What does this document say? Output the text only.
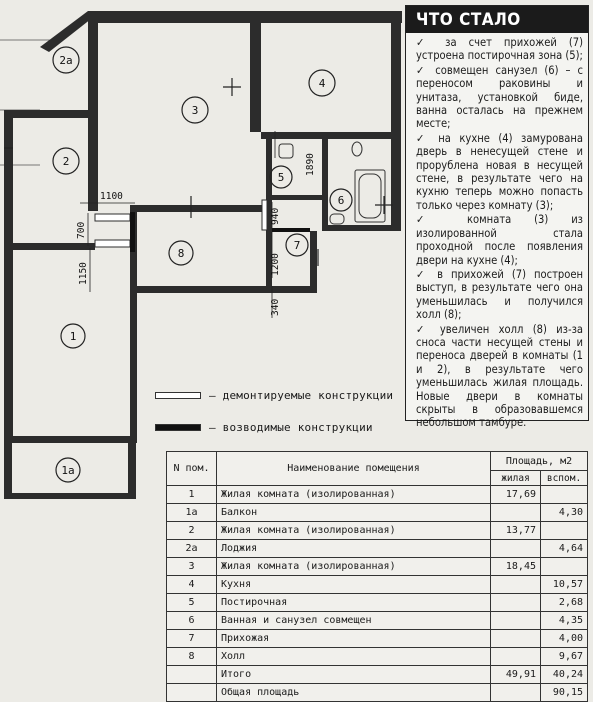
2а
2
3
4
5
6
7
8
1
1а
1100
700
1150
1890
940
1200
340
ЧТО СТАЛО

✓ за счет прихожей (7) устроена постирочная зона (5);

✓ совмещен санузел (6) – с переносом раковины и унитаза, установкой биде, ванна осталась на прежнем месте;

✓ на кухне (4) замурована дверь в ненесущей стене и прорублена новая в несущей стене, в результате чего на кухню теперь можно попасть только через комнату (3);

✓ комната (3) из изолированной стала проходной после появления двери на кухне (4);

✓ в прихожей (7) построен выступ, в результате чего она уменьшилась и получился холл (8);

✓ увеличен холл (8) из-за сноса части несущей стены и переноса дверей в комнаты (1 и 2), в результате чего уменьшилась жилая площадь. Новые двери в комнаты скрыты в образовавшемся небольшом тамбуре.

– демонтируемые конструкции
– возводимые конструкции
N пом.	Наименование помещения	Площадь, м2	
		жилая	вспом.
1	Жилая комната (изолированная)	17,69	
1а	Балкон		4,30
2	Жилая комната (изолированная)	13,77	
2а	Лоджия		4,64
3	Жилая комната (изолированная)	18,45	
4	Кухня		10,57
5	Постирочная		2,68
6	Ванная и санузел совмещен		4,35
7	Прихожая		4,00
8	Холл		9,67
	Итого	49,91	40,24
	Общая площадь		90,15
